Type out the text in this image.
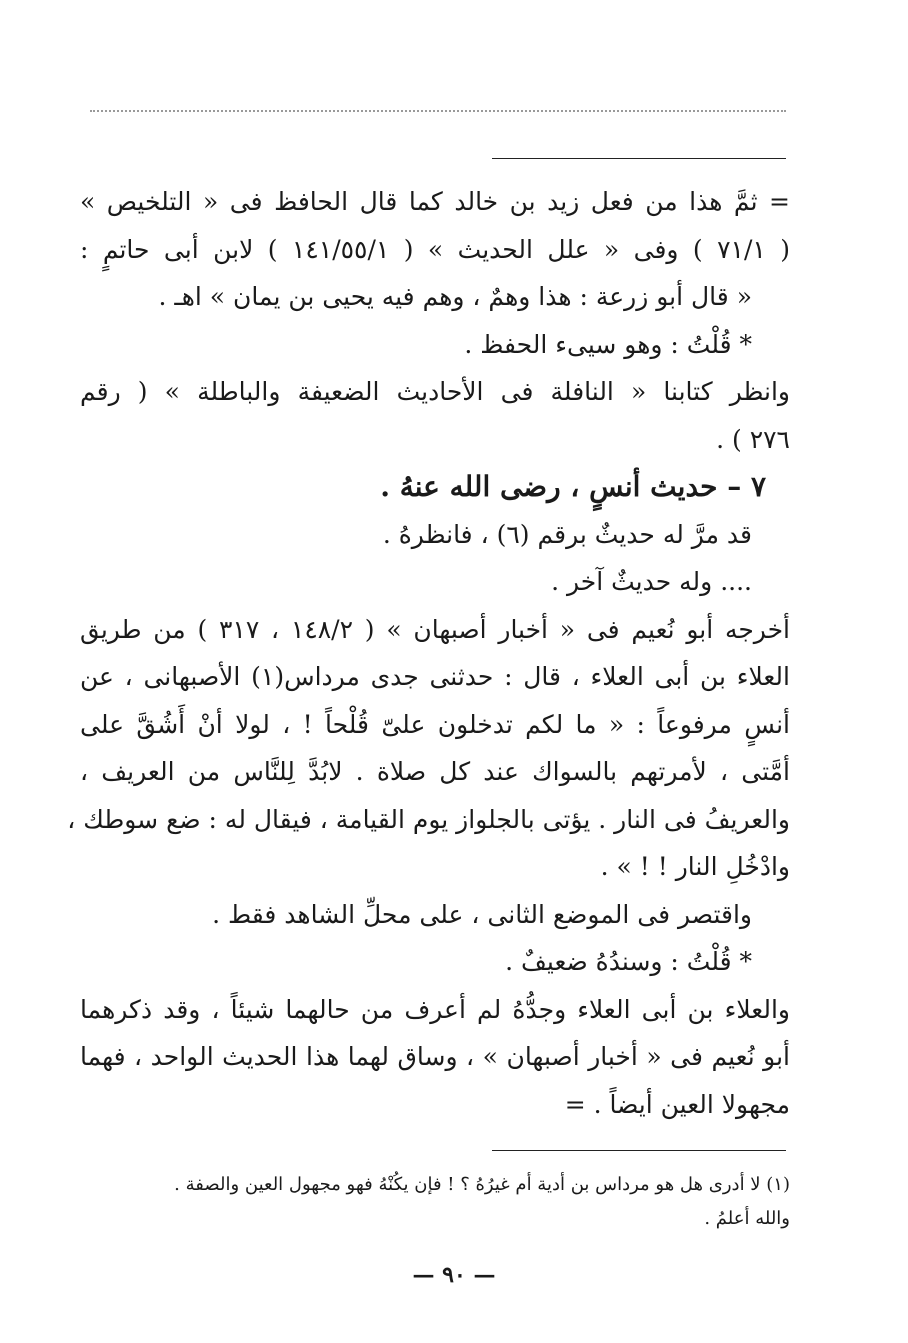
= ثمَّ هذا من فعل زيد بن خالد كما قال الحافظ فى « التلخيص »
( ٧١/١ ) وفى « علل الحديث » ( ١٤١/٥٥/١ ) لابن أبى حاتمٍ :
« قال أبو زرعة : هذا وهمٌ ، وهم فيه يحيى بن يمان » اهـ .
* قُلْتُ : وهو سيىء الحفظ .
وانظر كتابنا « النافلة فى الأحاديث الضعيفة والباطلة » ( رقم
٢٧٦ ) .
٧ – حديث أنسٍ ، رضى الله عنهُ .
قد مرَّ له حديثٌ برقم (٦) ، فانظرهُ .
.... وله حديثٌ آخر .
أخرجه أبو نُعيم فى « أخبار أصبهان » ( ١٤٨/٢ ، ٣١٧ ) من طريق
العلاء بن أبى العلاء ، قال : حدثنى جدى مرداس(١) الأصبهانى ، عن
أنسٍ مرفوعاً : « ما لكم تدخلون علىّ قُلْحاً ! ، لولا أنْ أَشُقَّ على
أمَّتى ، لأمرتهم بالسواك عند كل صلاة . لابُدَّ لِلنَّاس من العريف ،
والعريفُ فى النار . يؤتى بالجلواز يوم القيامة ، فيقال له : ضع سوطك ،
وادْخُلِ النار ! ! » .
واقتصر فى الموضع الثانى ، على محلِّ الشاهد فقط .
* قُلْتُ : وسندُهُ ضعيفٌ .
والعلاء بن أبى العلاء وجدُّهُ لم أعرف من حالهما شيئاً ، وقد ذكرهما
أبو نُعيم فى « أخبار أصبهان » ، وساق لهما هذا الحديث الواحد ، فهما
مجهولا العين أيضاً . =
(١) لا أدرى هل هو مرداس بن أدية أم غيرُهُ ؟ ! فإن يكُنْهُ فهو مجهول العين والصفة .
والله أعلمُ .
— ٩٠ —
